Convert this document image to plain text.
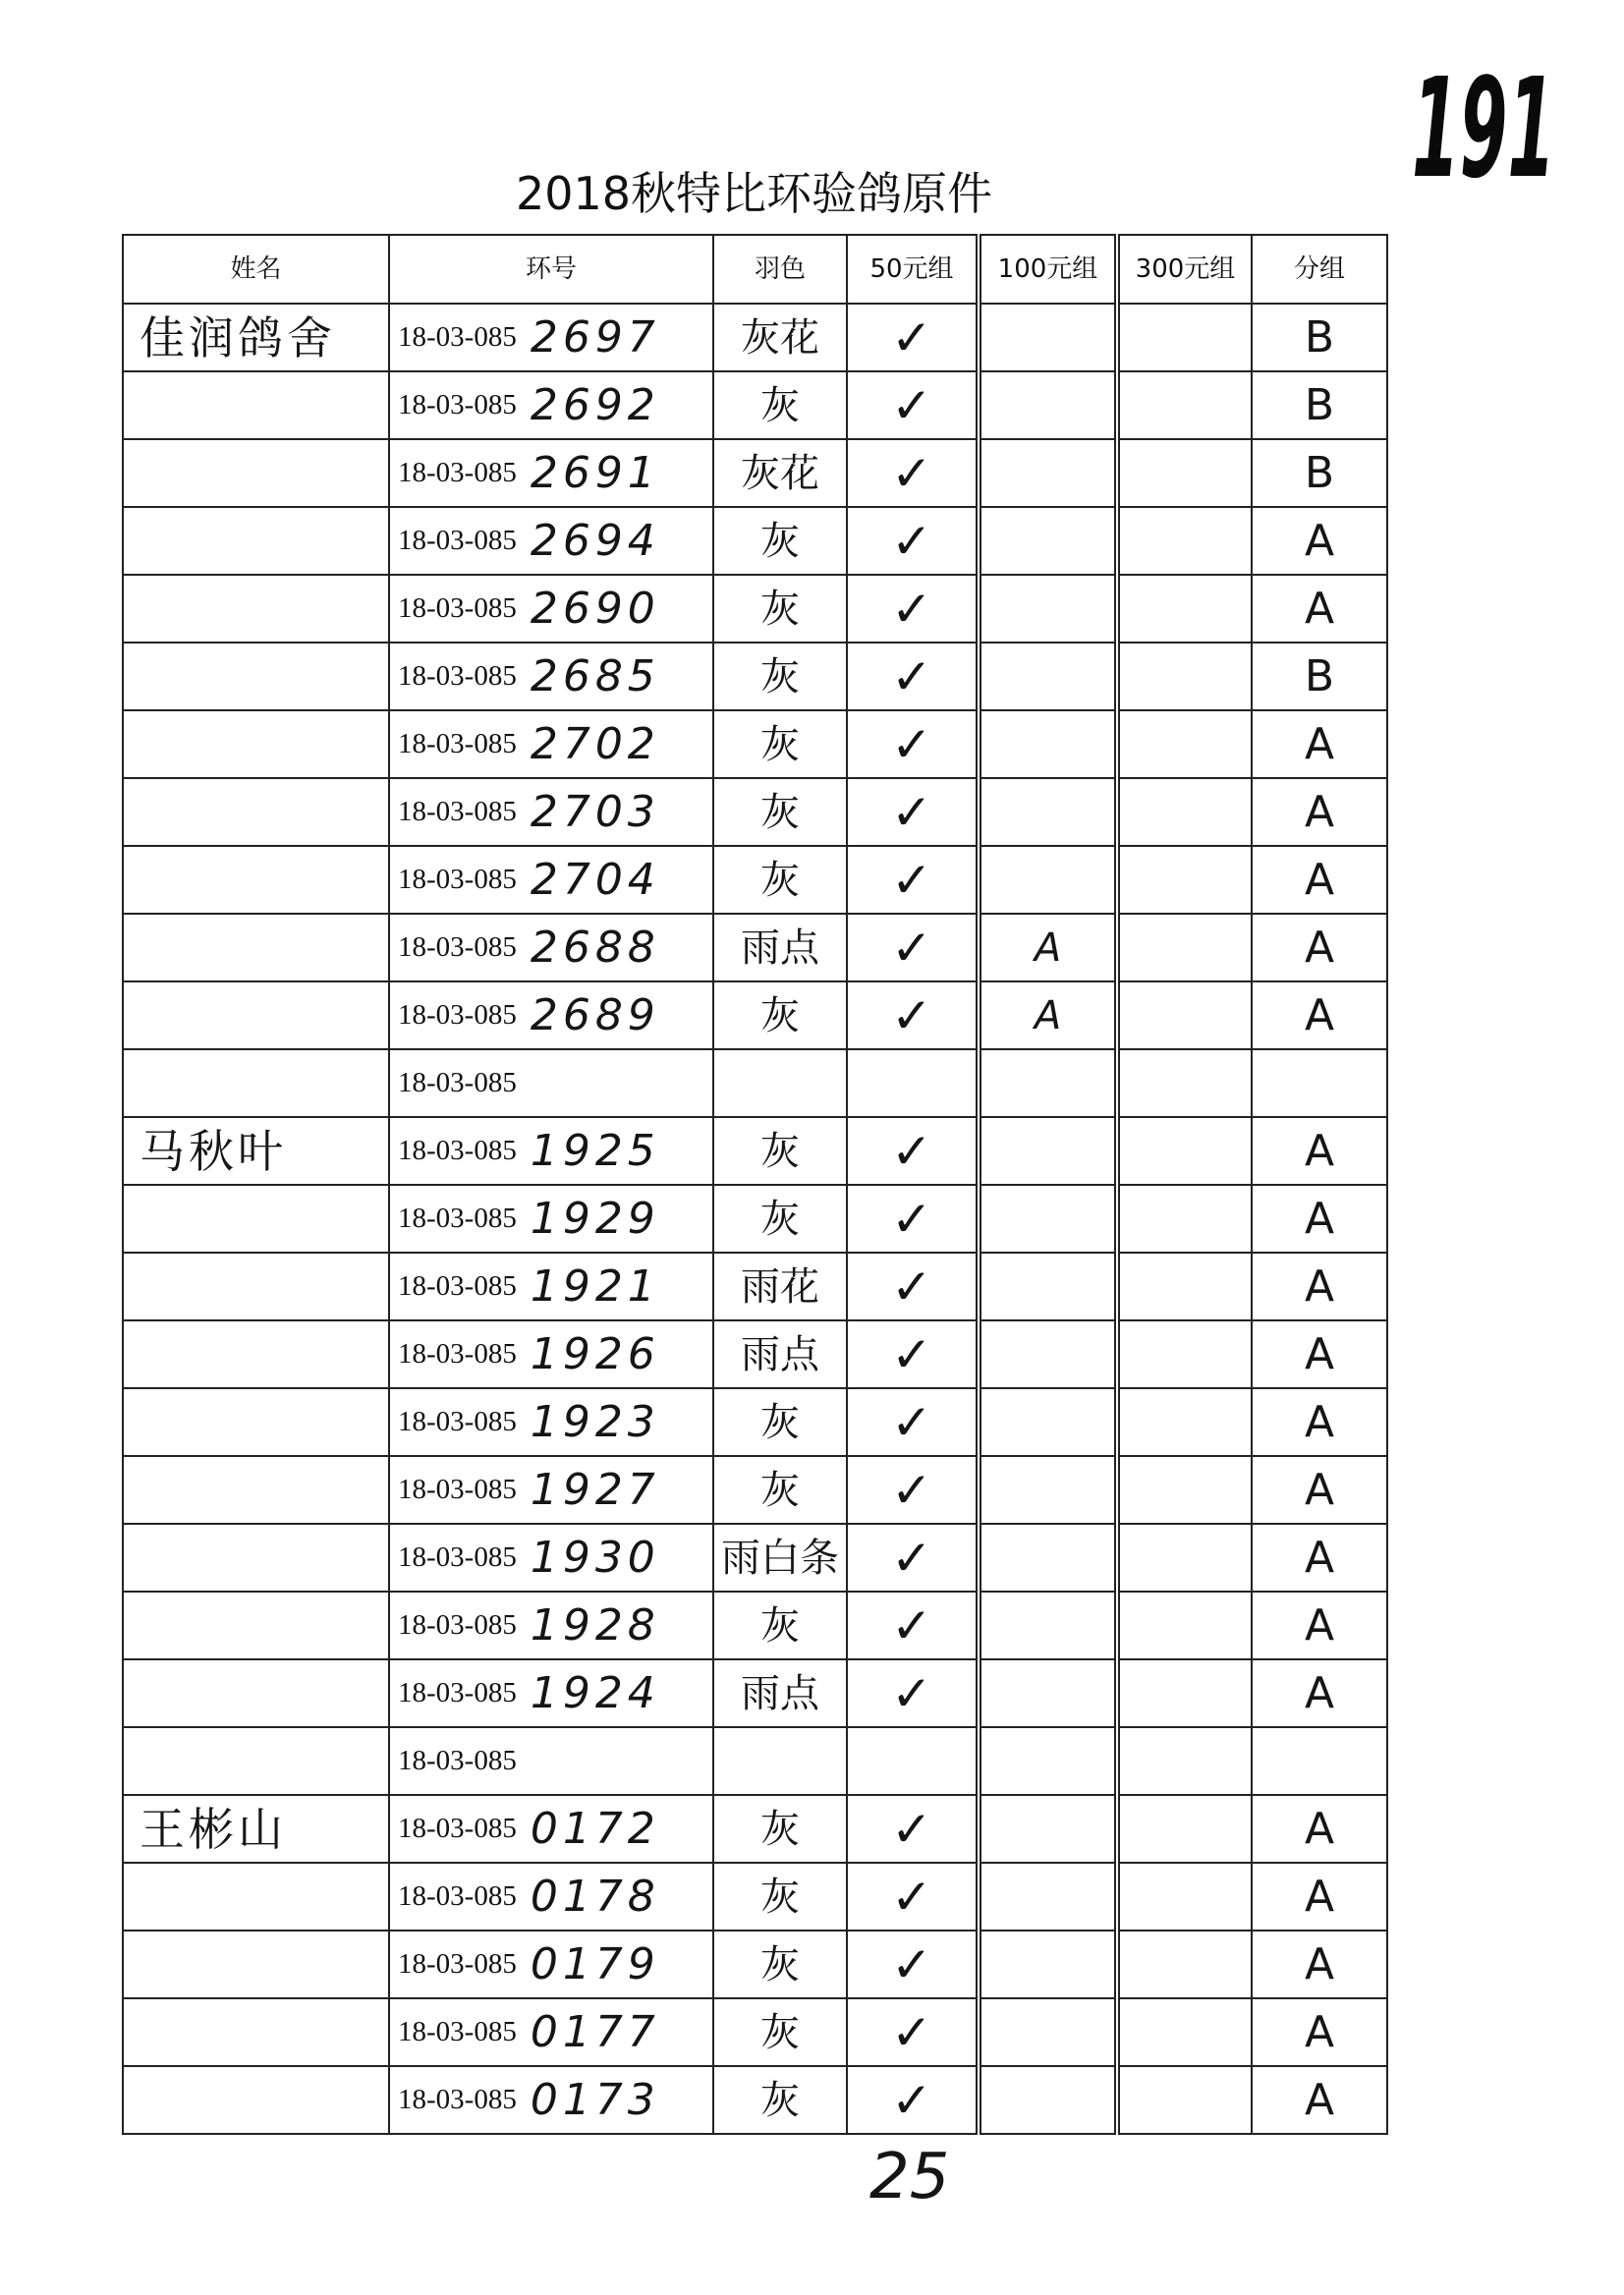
191
2018秋特比环验鸽原件
姓名	环号	羽色	50元组	100元组	300元组	分组
佳润鸽舍	18-03-085 2697	灰花	✓			B
	18-03-085 2692	灰	✓			B
	18-03-085 2691	灰花	✓			B
	18-03-085 2694	灰	✓			A
	18-03-085 2690	灰	✓			A
	18-03-085 2685	灰	✓			B
	18-03-085 2702	灰	✓			A
	18-03-085 2703	灰	✓			A
	18-03-085 2704	灰	✓			A
	18-03-085 2688	雨点	✓	A		A
	18-03-085 2689	灰	✓	A		A
	18-03-085					
马秋叶	18-03-085 1925	灰	✓			A
	18-03-085 1929	灰	✓			A
	18-03-085 1921	雨花	✓			A
	18-03-085 1926	雨点	✓			A
	18-03-085 1923	灰	✓			A
	18-03-085 1927	灰	✓			A
	18-03-085 1930	雨白条	✓			A
	18-03-085 1928	灰	✓			A
	18-03-085 1924	雨点	✓			A
	18-03-085					
王彬山	18-03-085 0172	灰	✓			A
	18-03-085 0178	灰	✓			A
	18-03-085 0179	灰	✓			A
	18-03-085 0177	灰	✓			A
	18-03-085 0173	灰	✓			A
25
